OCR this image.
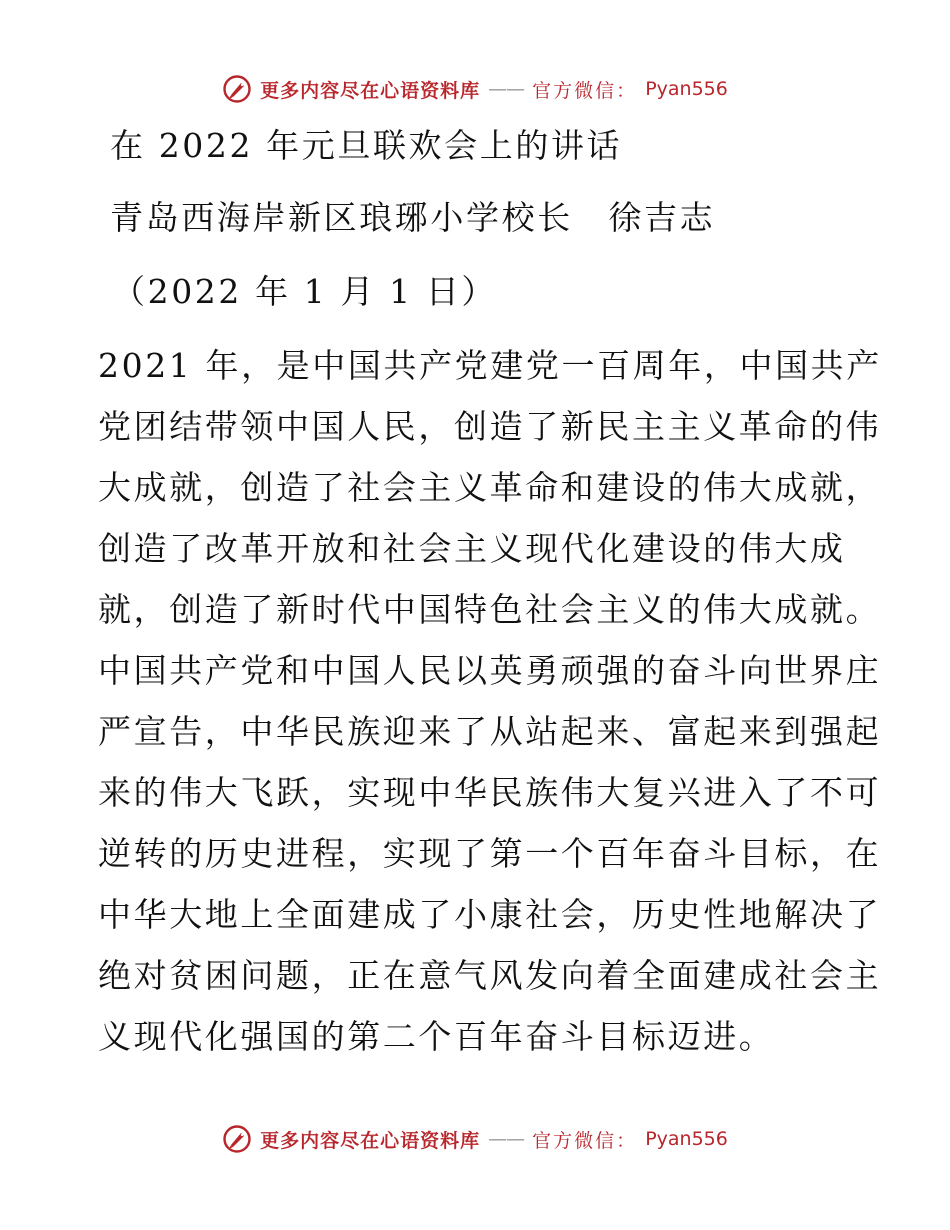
更多内容尽在心语资料库 —— 官方微信： Pyan556
在 2022 年元旦联欢会上的讲话
青岛西海岸新区琅琊小学校长　徐吉志
（2022 年 1 月 1 日）
2021 年，是中国共产党建党一百周年，中国共产
党团结带领中国人民，创造了新民主主义革命的伟
大成就，创造了社会主义革命和建设的伟大成就，
创造了改革开放和社会主义现代化建设的伟大成
就，创造了新时代中国特色社会主义的伟大成就。
中国共产党和中国人民以英勇顽强的奋斗向世界庄
严宣告，中华民族迎来了从站起来、富起来到强起
来的伟大飞跃，实现中华民族伟大复兴进入了不可
逆转的历史进程，实现了第一个百年奋斗目标，在
中华大地上全面建成了小康社会，历史性地解决了
绝对贫困问题，正在意气风发向着全面建成社会主
义现代化强国的第二个百年奋斗目标迈进。
更多内容尽在心语资料库 —— 官方微信： Pyan556
